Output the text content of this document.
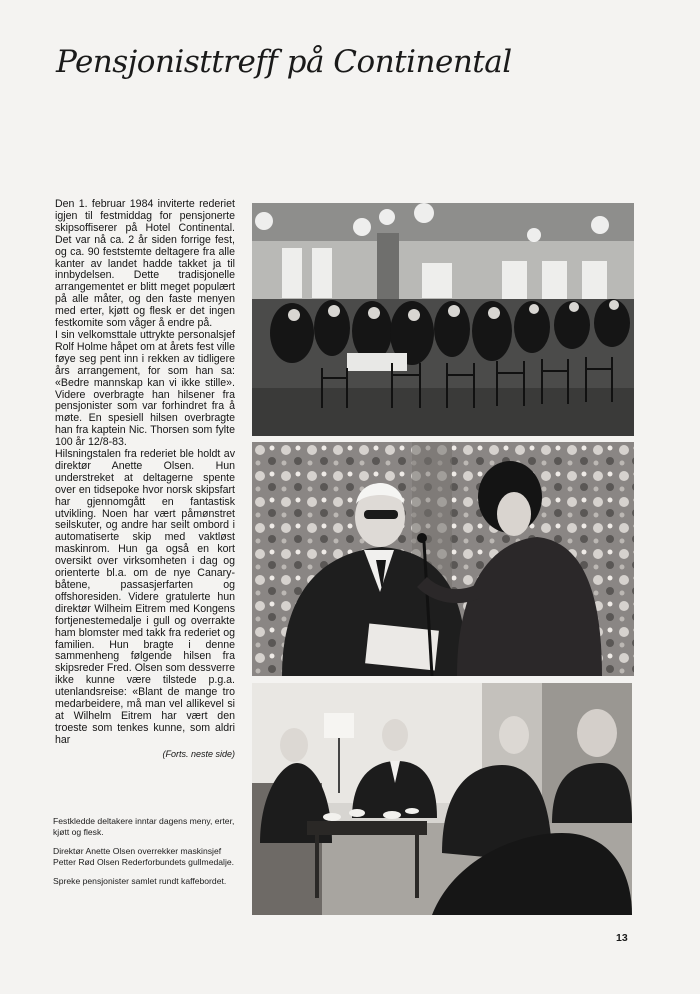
Pensjonisttreff på Continental

Den 1. februar 1984 inviterte rederiet igjen til festmiddag for pensjonerte skipsoffiserer på Hotel Continental. Det var nå ca. 2 år siden forrige fest, og ca. 90 feststemte deltagere fra alle kanter av landet hadde takket ja til innbydelsen. Dette tradisjonelle arrangementet er blitt meget populært på alle måter, og den faste menyen med erter, kjøtt og flesk er det ingen festkomite som våger å endre på.

I sin velkomsttale uttrykte personalsjef Rolf Holme håpet om at årets fest ville føye seg pent inn i rekken av tidligere års arrangement, for som han sa: «Bedre mannskap kan vi ikke stille». Videre overbragte han hilsener fra pensjonister som var forhindret fra å møte. En spesiell hilsen overbragte han fra kaptein Nic. Thorsen som fylte 100 år 12/8-83.

Hilsningstalen fra rederiet ble holdt av direktør Anette Olsen. Hun understreket at deltagerne spente over en tidsepoke hvor norsk skipsfart har gjennomgått en fantastisk utvikling. Noen har vært påmønstret seilskuter, og andre har seilt ombord i automatiserte skip med vaktløst maskinrom. Hun ga også en kort oversikt over virksomheten i dag og orienterte bl.a. om de nye Canary-båtene, passasjerfarten og offshoresiden. Videre gratulerte hun direktør Wilheim Eitrem med Kongens fortjenestemedalje i gull og overrakte ham blomster med takk fra rederiet og familien. Hun bragte i denne sammenheng følgende hilsen fra skipsreder Fred. Olsen som dessverre ikke kunne være tilstede p.g.a. utenlandsreise: «Blant de mange tro medarbeidere, må man vel allikevel si at Wilhelm Eitrem har vært den troeste som tenkes kunne, som aldri har

(Forts. neste side)

Festkledde deltakere inntar dagens meny, erter, kjøtt og flesk.

Direktør Anette Olsen overrekker maskinsjef Petter Rød Olsen Rederforbundets gullmedalje.

Spreke pensjonister samlet rundt kaffebordet.

13
